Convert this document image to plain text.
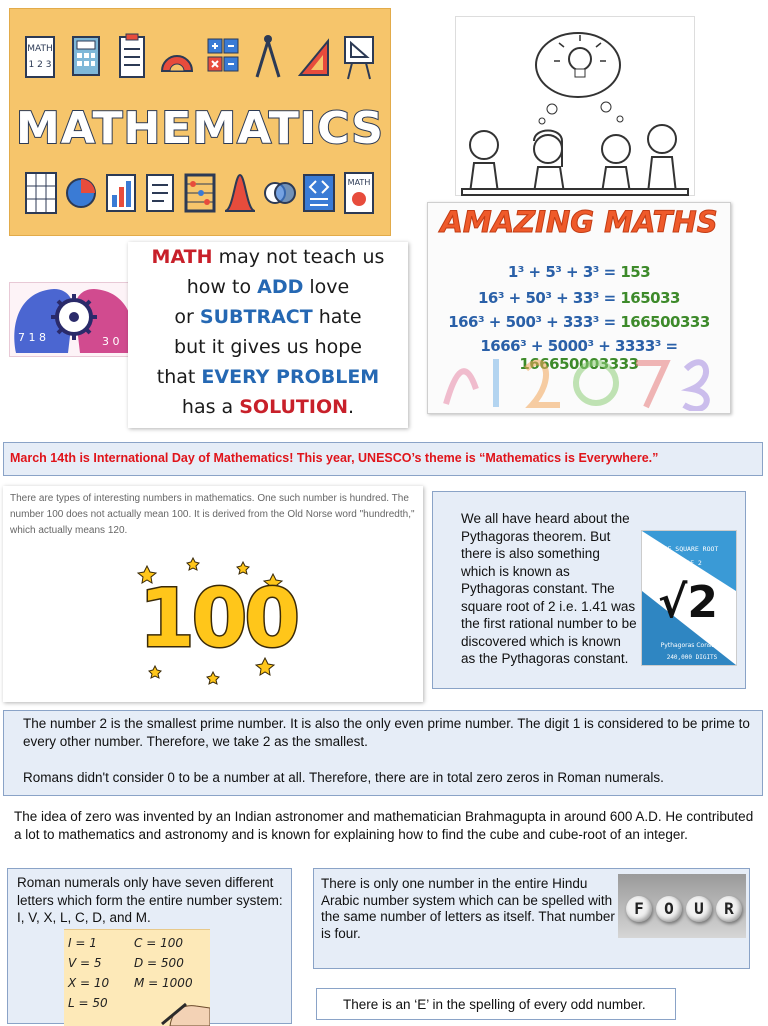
MATH
1 2 3
MATHEMATICS
MATH
AMAZING MATHS
1³ + 5³ + 3³ = 153
16³ + 50³ + 33³ = 165033
166³ + 500³ + 333³ = 166500333
1666³ + 5000³ + 3333³ = 166650003333
7 1 8	3 0
MATH may not teach us
how to ADD love
or SUBTRACT hate
but it gives us hope
that EVERY PROBLEM
has a SOLUTION.
March 14th is International Day of Mathematics! This year, UNESCO’s theme is “Mathematics is Everywhere.”
There are types of interesting numbers in mathematics. One such number is hundred. The number 100 does not actually mean 100. It is derived from the Old Norse word "hundredth," which actually means 120.
100
We all have heard about the Pythagoras theorem. But there is also something which is known as Pythagoras constant. The square root of 2 i.e. 1.41 was the first rational number to be discovered which is known as the Pythagoras constant.
THE SQUARE ROOT
OF 2
√2
Pythagoras Constant
240,000 DIGITS

The number 2 is the smallest prime number. It is also the only even prime number. The digit 1 is considered to be prime to every other number. Therefore, we take 2 as the smallest.

Romans didn't consider 0 to be a number at all. Therefore, there are in total zero zeros in Roman numerals.

The idea of zero was invented by an Indian astronomer and mathematician Brahmagupta in around 600 A.D. He contributed a lot to mathematics and astronomy and is known for explaining how to find the cube and cube-root of an integer.
Roman numerals only have seven different letters which form the entire number system: I, V, X, L, C, D, and M.
I = 1	C = 100
V = 5	D = 500
X = 10 M = 1000
L = 50
There is only one number in the entire Hindu Arabic number system which can be spelled with the same number of letters as itself. That number is four.
F	O	U	R
There is an ‘E’ in the spelling of every odd number.
